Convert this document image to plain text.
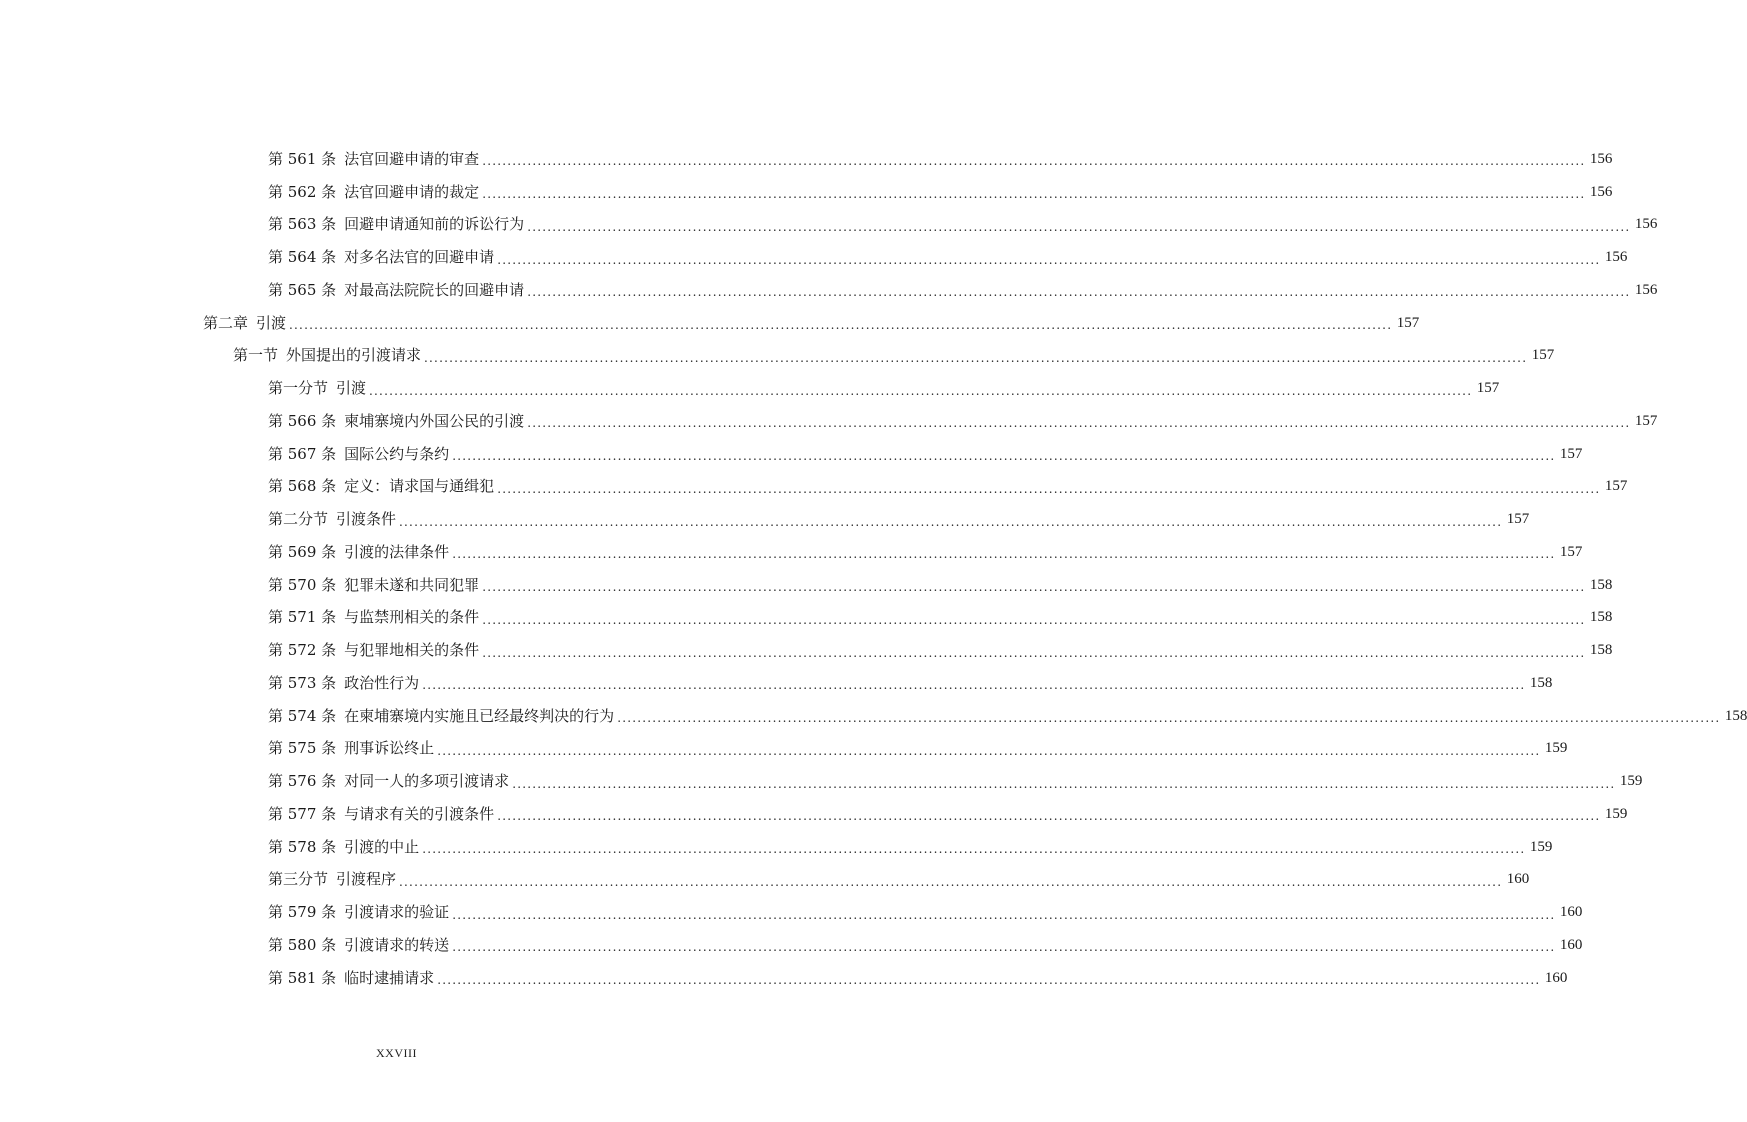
第 561 条 法官回避申请的审查 ............................................................................................................................................................................................................................ 156
第 562 条 法官回避申请的裁定 ............................................................................................................................................................................................................................ 156
第 563 条 回避申请通知前的诉讼行为 ............................................................................................................................................................................................................................ 156
第 564 条 对多名法官的回避申请 ............................................................................................................................................................................................................................ 156
第 565 条 对最高法院院长的回避申请 ............................................................................................................................................................................................................................ 156
第二章 引渡 ............................................................................................................................................................................................................................ 157
第一节 外国提出的引渡请求 ............................................................................................................................................................................................................................ 157
第一分节 引渡 ............................................................................................................................................................................................................................ 157
第 566 条 柬埔寨境内外国公民的引渡 ............................................................................................................................................................................................................................ 157
第 567 条 国际公约与条约 ............................................................................................................................................................................................................................ 157
第 568 条 定义：请求国与通缉犯 ............................................................................................................................................................................................................................ 157
第二分节 引渡条件 ............................................................................................................................................................................................................................ 157
第 569 条 引渡的法律条件 ............................................................................................................................................................................................................................ 157
第 570 条 犯罪未遂和共同犯罪 ............................................................................................................................................................................................................................ 158
第 571 条 与监禁刑相关的条件 ............................................................................................................................................................................................................................ 158
第 572 条 与犯罪地相关的条件 ............................................................................................................................................................................................................................ 158
第 573 条 政治性行为 ............................................................................................................................................................................................................................ 158
第 574 条 在柬埔寨境内实施且已经最终判决的行为 ............................................................................................................................................................................................................................ 158
第 575 条 刑事诉讼终止 ............................................................................................................................................................................................................................ 159
第 576 条 对同一人的多项引渡请求 ............................................................................................................................................................................................................................ 159
第 577 条 与请求有关的引渡条件 ............................................................................................................................................................................................................................ 159
第 578 条 引渡的中止 ............................................................................................................................................................................................................................ 159
第三分节 引渡程序 ............................................................................................................................................................................................................................ 160
第 579 条 引渡请求的验证 ............................................................................................................................................................................................................................ 160
第 580 条 引渡请求的转送 ............................................................................................................................................................................................................................ 160
第 581 条 临时逮捕请求 ............................................................................................................................................................................................................................ 160
XXVIII
